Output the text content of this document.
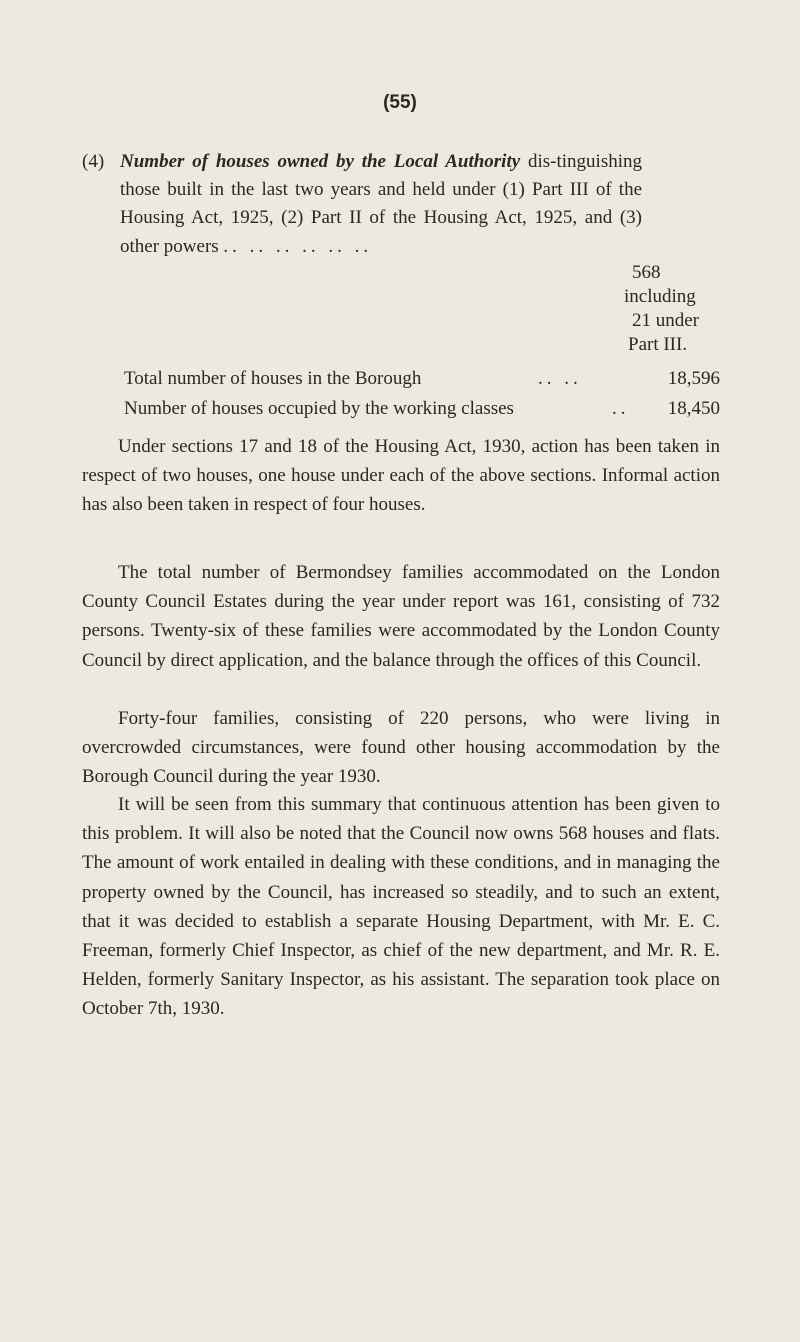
(55)
(4) Number of houses owned by the Local Authority dis-tinguishing those built in the last two years and held under (1) Part III of the Housing Act, 1925, (2) Part II of the Housing Act, 1925, and (3) other powers .. .. .. .. .. ..
568
including
21 under
Part III.
Total number of houses in the Borough	.. ..	18,596
Number of houses occupied by the working classes	.. 18,450

Under sections 17 and 18 of the Housing Act, 1930, action has been taken in respect of two houses, one house under each of the above sections. Informal action has also been taken in respect of four houses.

The total number of Bermondsey families accommodated on the London County Council Estates during the year under report was 161, consisting of 732 persons. Twenty-six of these families were accommodated by the London County Council by direct application, and the balance through the offices of this Council.

Forty-four families, consisting of 220 persons, who were living in overcrowded circumstances, were found other housing accommodation by the Borough Council during the year 1930.

It will be seen from this summary that continuous attention has been given to this problem. It will also be noted that the Council now owns 568 houses and flats. The amount of work entailed in dealing with these conditions, and in managing the property owned by the Council, has increased so steadily, and to such an extent, that it was decided to establish a separate Housing Department, with Mr. E. C. Freeman, formerly Chief Inspector, as chief of the new department, and Mr. R. E. Helden, formerly Sanitary Inspector, as his assistant. The separation took place on October 7th, 1930.
